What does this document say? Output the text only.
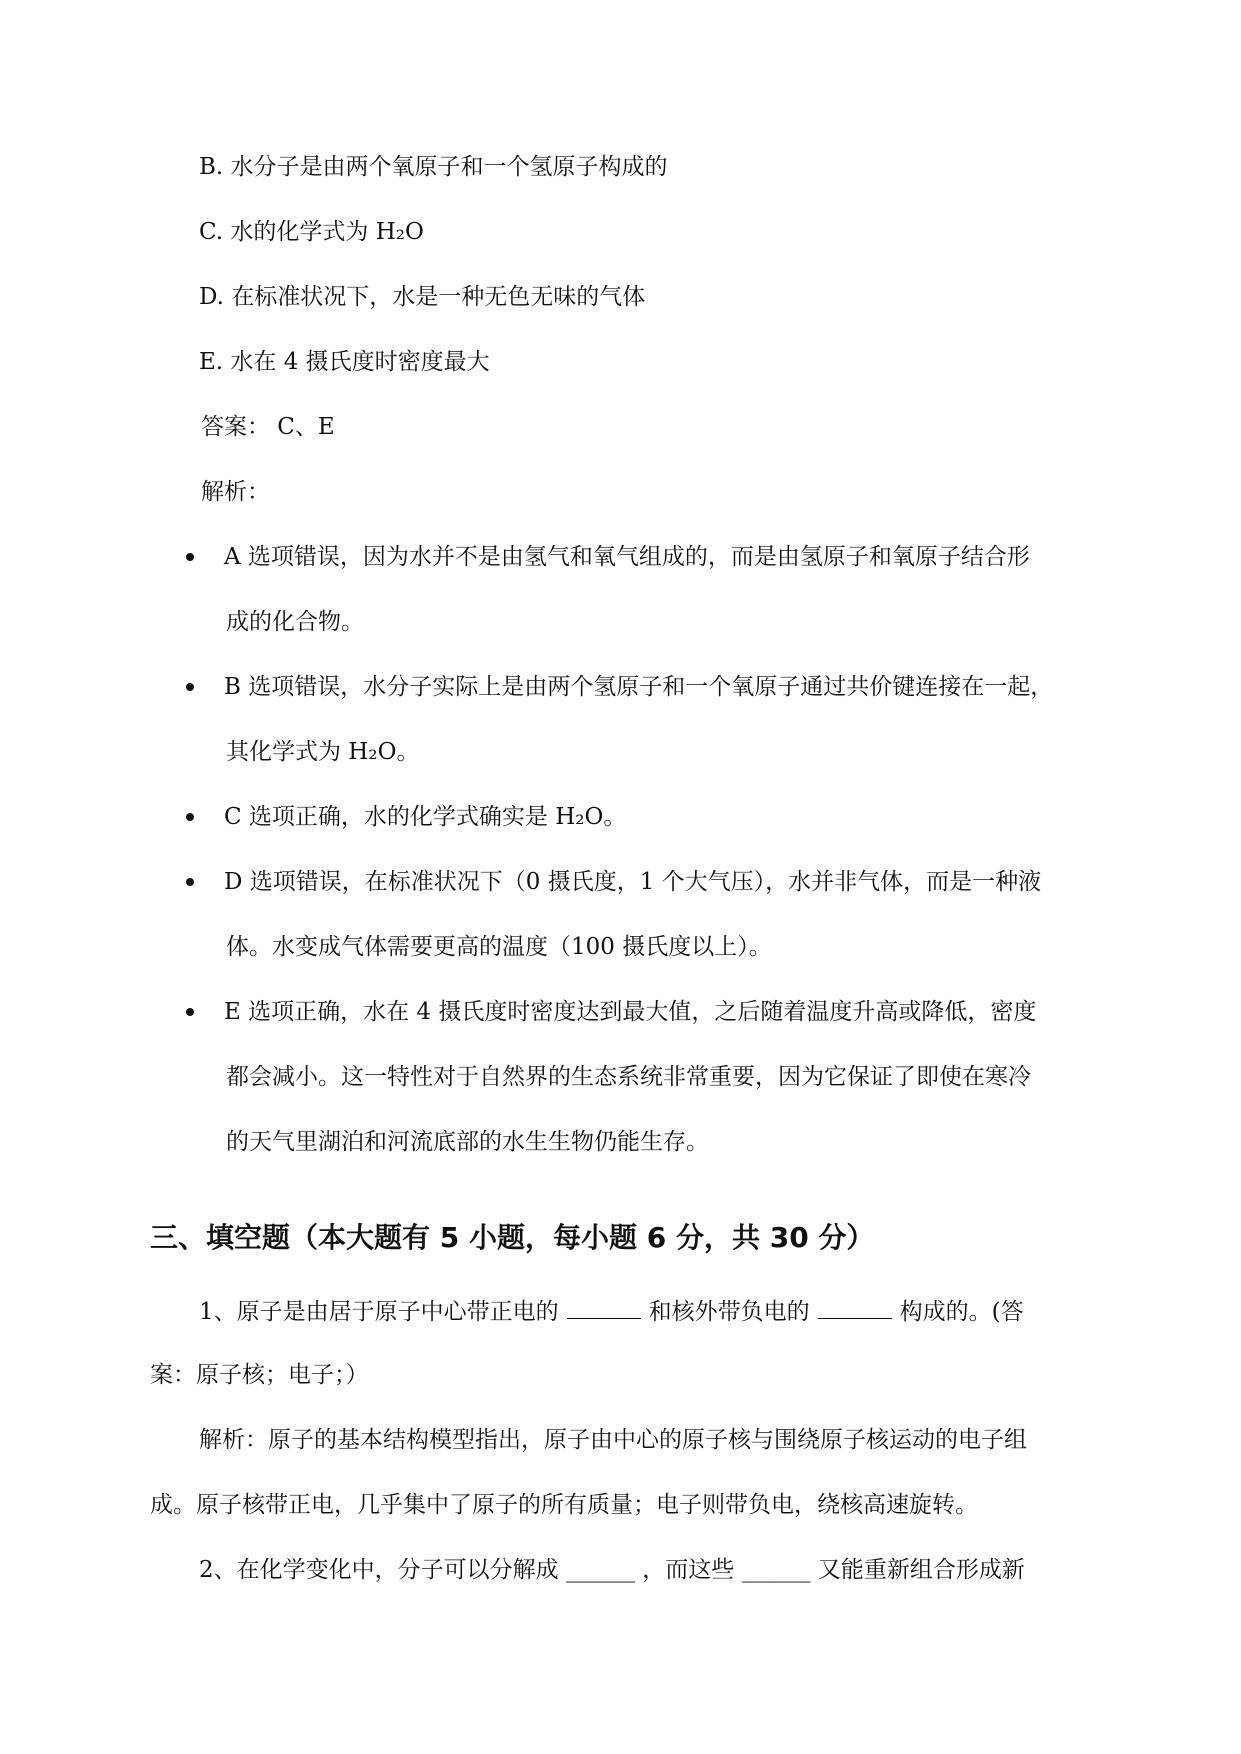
B. 水分子是由两个氧原子和一个氢原子构成的
C. 水的化学式为 H₂O
D. 在标准状况下，水是一种无色无味的气体
E. 水在 4 摄氏度时密度最大
答案： C、E
解析：
A 选项错误，因为水并不是由氢气和氧气组成的，而是由氢原子和氧原子结合形
成的化合物。
B 选项错误，水分子实际上是由两个氢原子和一个氧原子通过共价键连接在一起，
其化学式为 H₂O。
C 选项正确，水的化学式确实是 H₂O。
D 选项错误，在标准状况下（0 摄氏度，1 个大气压），水并非气体，而是一种液
体。水变成气体需要更高的温度（100 摄氏度以上）。
E 选项正确，水在 4 摄氏度时密度达到最大值，之后随着温度升高或降低，密度
都会减小。这一特性对于自然界的生态系统非常重要，因为它保证了即使在寒冷
的天气里湖泊和河流底部的水生生物仍能生存。
三、填空题（本大题有 5 小题，每小题 6 分，共 30 分）
1、原子是由居于原子中心带正电的	和核外带负电的	构成的。(答
案：原子核；电子；）
解析：原子的基本结构模型指出，原子由中心的原子核与围绕原子核运动的电子组
成。原子核带正电，几乎集中了原子的所有质量；电子则带负电，绕核高速旋转。
2、在化学变化中，分子可以分解成 ______ ，而这些 ______ 又能重新组合形成新
